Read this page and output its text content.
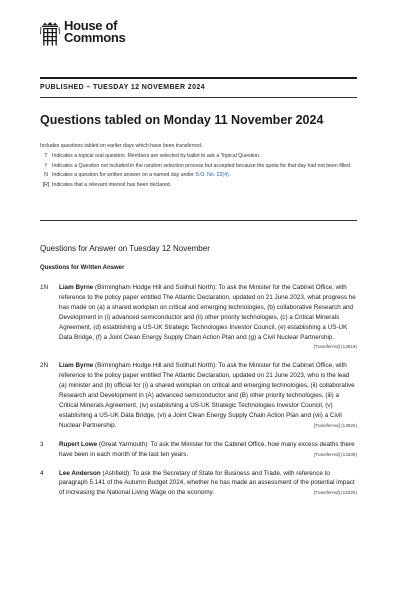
House of
Commons
PUBLISHED – TUESDAY 12 NOVEMBER 2024
Questions tabled on Monday 11 November 2024
Includes questions tabled on earlier days which have been transferred.
T Indicates a topical oral question. Members are selected by ballot to ask a Topical Question.
† Indicates a Question not included in the random selection process but accepted because the quota for that day had not been filled.
N Indicates a question for written answer on a named day under S.O. No. 22(4).
[R] Indicates that a relevant interest has been declared.
Questions for Answer on Tuesday 12 November
Questions for Written Answer
1N	Liam Byrne (Birmingham Hodge Hill and Solihull North): To ask the Minister for the Cabinet Office, with reference to the policy paper entitled The Atlantic Declaration, updated on 21 June 2023, what progress he has made on (a) a shared workplan on critical and emerging technologies, (b) collaborative Research and Development in (i) advanced semiconductor and (ii) other priority technologies, (c) a Critical Minerals Agreement, (d) establishing a US-UK Strategic Technologies Investor Council, (e) establishing a US-UK Data Bridge, (f) a Joint Clean Energy Supply Chain Action Plan and (g) a Civil Nuclear Partnership.
[Transferred] (13919)
2N	Liam Byrne (Birmingham Hodge Hill and Solihull North): To ask the Minister for the Cabinet Office, with reference to the policy paper entitled The Atlantic Declaration, updated on 21 June 2023, who is the lead (a) minister and (b) official for (i) a shared workplan on critical and emerging technologies, (ii) collaborative Research and Development in (A) advanced semiconductor and (B) other priority technologies, (iii) a Critical Minerals Agreement, (iv) establishing a US-UK Strategic Technologies Investor Council, (v) establishing a US-UK Data Bridge, (vi) a Joint Clean Energy Supply Chain Action Plan and (vii) a Civil Nuclear Partnership.	[Transferred] (13920)
3	Rupert Lowe (Great Yarmouth): To ask the Minister for the Cabinet Office, how many excess deaths there have been in each month of the last ten years.	[Transferred] (13339)
4	Lee Anderson (Ashfield): To ask the Secretary of State for Business and Trade, with reference to paragraph 5.141 of the Autumn Budget 2024, whether he has made an assessment of the potential impact of increasing the National Living Wage on the economy.	[Transferred] (13325)
